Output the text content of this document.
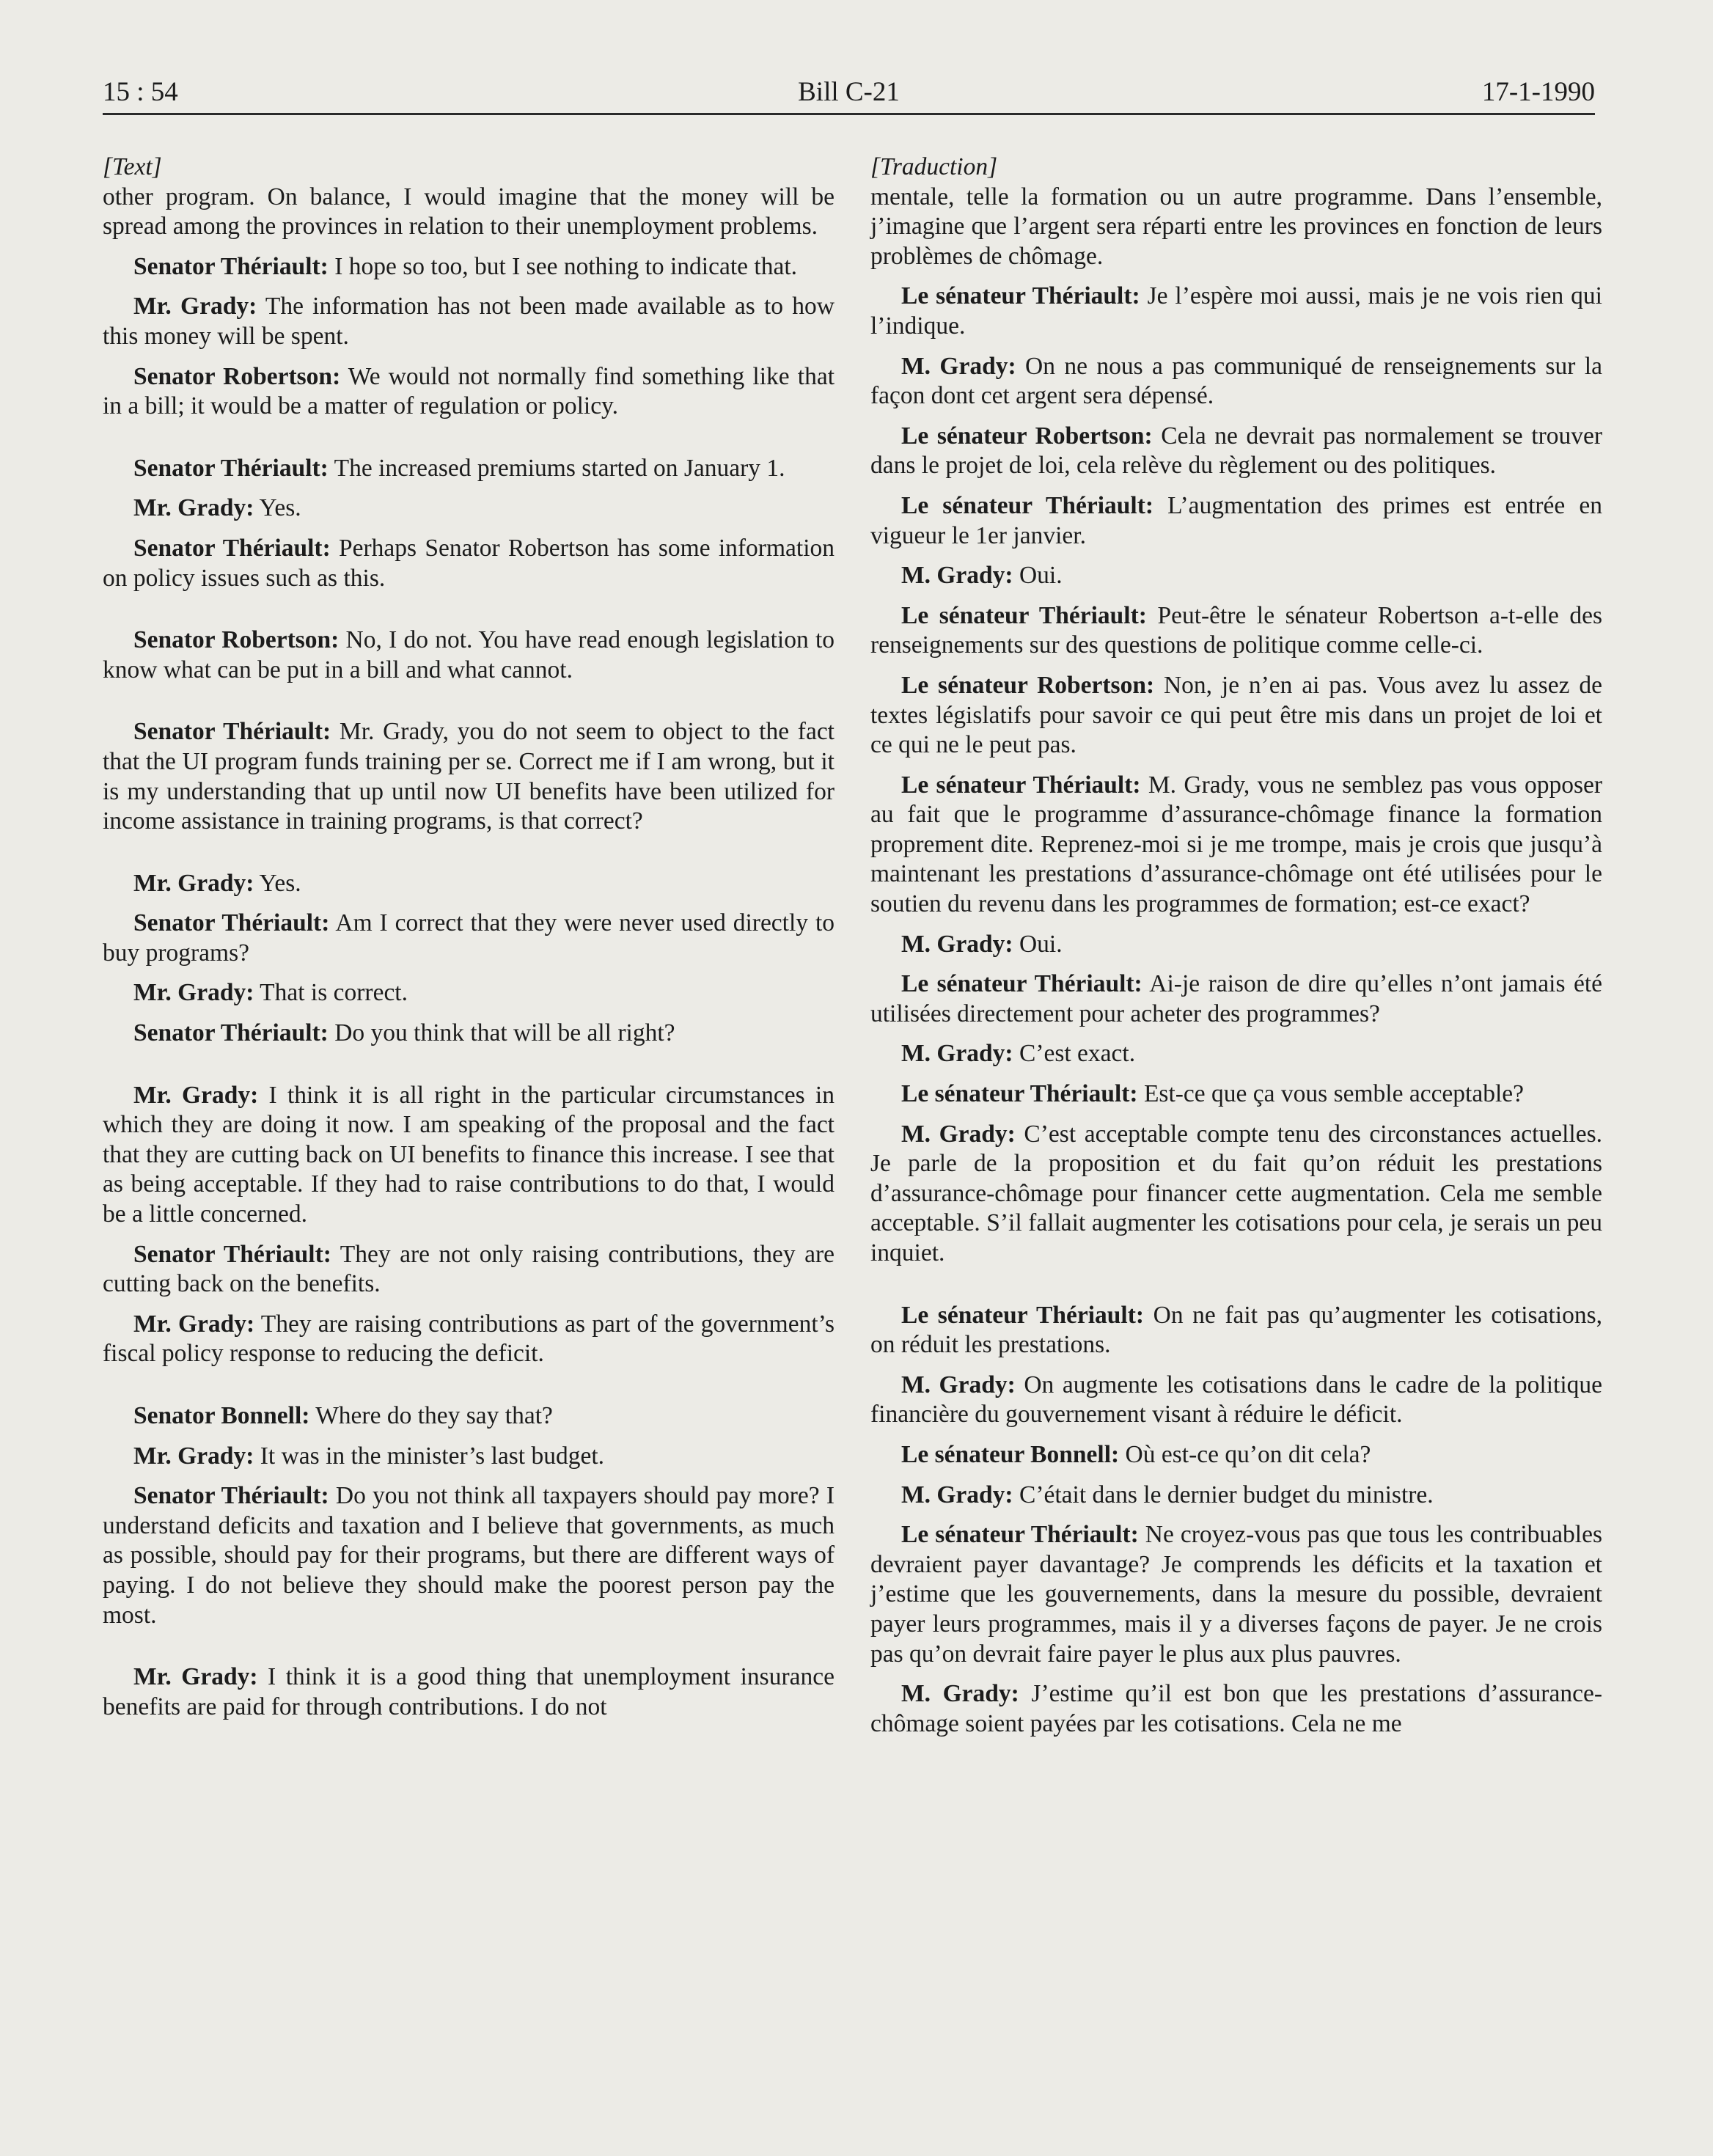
15 : 54	Bill C-21	17-1-1990

[Text]

other program. On balance, I would imagine that the money will be spread among the provinces in relation to their unemployment problems.

Senator Thériault: I hope so too, but I see nothing to indicate that.

Mr. Grady: The information has not been made available as to how this money will be spent.

Senator Robertson: We would not normally find something like that in a bill; it would be a matter of regulation or policy.

Senator Thériault: The increased premiums started on January 1.

Mr. Grady: Yes.

Senator Thériault: Perhaps Senator Robertson has some information on policy issues such as this.

Senator Robertson: No, I do not. You have read enough legislation to know what can be put in a bill and what cannot.

Senator Thériault: Mr. Grady, you do not seem to object to the fact that the UI program funds training per se. Correct me if I am wrong, but it is my understanding that up until now UI benefits have been utilized for income assistance in training programs, is that correct?

Mr. Grady: Yes.

Senator Thériault: Am I correct that they were never used directly to buy programs?

Mr. Grady: That is correct.

Senator Thériault: Do you think that will be all right?

Mr. Grady: I think it is all right in the particular circumstances in which they are doing it now. I am speaking of the proposal and the fact that they are cutting back on UI benefits to finance this increase. I see that as being acceptable. If they had to raise contributions to do that, I would be a little concerned.

Senator Thériault: They are not only raising contributions, they are cutting back on the benefits.

Mr. Grady: They are raising contributions as part of the government’s fiscal policy response to reducing the deficit.

Senator Bonnell: Where do they say that?

Mr. Grady: It was in the minister’s last budget.

Senator Thériault: Do you not think all taxpayers should pay more? I understand deficits and taxation and I believe that governments, as much as possible, should pay for their programs, but there are different ways of paying. I do not believe they should make the poorest person pay the most.

Mr. Grady: I think it is a good thing that unemployment insurance benefits are paid for through contributions. I do not

[Traduction]

mentale, telle la formation ou un autre programme. Dans l’ensemble, j’imagine que l’argent sera réparti entre les provinces en fonction de leurs problèmes de chômage.

Le sénateur Thériault: Je l’espère moi aussi, mais je ne vois rien qui l’indique.

M. Grady: On ne nous a pas communiqué de renseignements sur la façon dont cet argent sera dépensé.

Le sénateur Robertson: Cela ne devrait pas normalement se trouver dans le projet de loi, cela relève du règlement ou des politiques.

Le sénateur Thériault: L’augmentation des primes est entrée en vigueur le 1er janvier.

M. Grady: Oui.

Le sénateur Thériault: Peut-être le sénateur Robertson a-t-elle des renseignements sur des questions de politique comme celle-ci.

Le sénateur Robertson: Non, je n’en ai pas. Vous avez lu assez de textes législatifs pour savoir ce qui peut être mis dans un projet de loi et ce qui ne le peut pas.

Le sénateur Thériault: M. Grady, vous ne semblez pas vous opposer au fait que le programme d’assurance-chômage finance la formation proprement dite. Reprenez-moi si je me trompe, mais je crois que jusqu’à maintenant les prestations d’assurance-chômage ont été utilisées pour le soutien du revenu dans les programmes de formation; est-ce exact?

M. Grady: Oui.

Le sénateur Thériault: Ai-je raison de dire qu’elles n’ont jamais été utilisées directement pour acheter des programmes?

M. Grady: C’est exact.

Le sénateur Thériault: Est-ce que ça vous semble acceptable?

M. Grady: C’est acceptable compte tenu des circonstances actuelles. Je parle de la proposition et du fait qu’on réduit les prestations d’assurance-chômage pour financer cette augmentation. Cela me semble acceptable. S’il fallait augmenter les cotisations pour cela, je serais un peu inquiet.

Le sénateur Thériault: On ne fait pas qu’augmenter les cotisations, on réduit les prestations.

M. Grady: On augmente les cotisations dans le cadre de la politique financière du gouvernement visant à réduire le déficit.

Le sénateur Bonnell: Où est-ce qu’on dit cela?

M. Grady: C’était dans le dernier budget du ministre.

Le sénateur Thériault: Ne croyez-vous pas que tous les contribuables devraient payer davantage? Je comprends les déficits et la taxation et j’estime que les gouvernements, dans la mesure du possible, devraient payer leurs programmes, mais il y a diverses façons de payer. Je ne crois pas qu’on devrait faire payer le plus aux plus pauvres.

M. Grady: J’estime qu’il est bon que les prestations d’assurance-chômage soient payées par les cotisations. Cela ne me
